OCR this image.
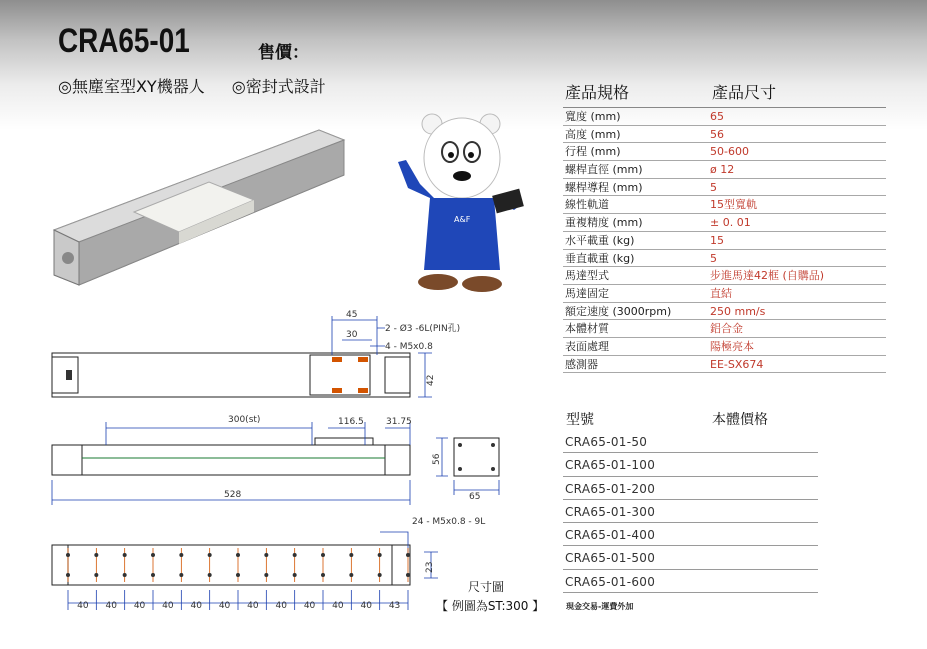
CRA65-01	售價：
◎無塵室型XY機器人 ◎密封式設計
A&F
產品規格	產品尺寸
寬度 (mm)	65
高度 (mm)	56
行程 (mm)	50-600
螺桿直徑 (mm)	ø 12
螺桿導程 (mm)	5
線性軌道	15型寬軌
重複精度 (mm)	± 0. 01
水平載重 (kg)	15
垂直載重 (kg)	5
馬達型式	步進馬達42框 (自購品)
馬達固定	直結
額定速度 (3000rpm)	250 mm/s
本體材質	鋁合金
表面處理	陽極亮本
感測器	EE-SX674
型號	本體價格
CRA65-01-50
CRA65-01-100
CRA65-01-200
CRA65-01-300
CRA65-01-400
CRA65-01-500
CRA65-01-600
現金交易-運費外加
45
30
2 - Ø3 -6L(PIN孔)
4 - M5x0.8
42
300(st)	116.5 31.75
528
56
65
40 40 40 40 40 40 40 40 40 40 40 43
24 - M5x0.8 - 9L
23
尺寸圖
【 例圖為ST:300 】
